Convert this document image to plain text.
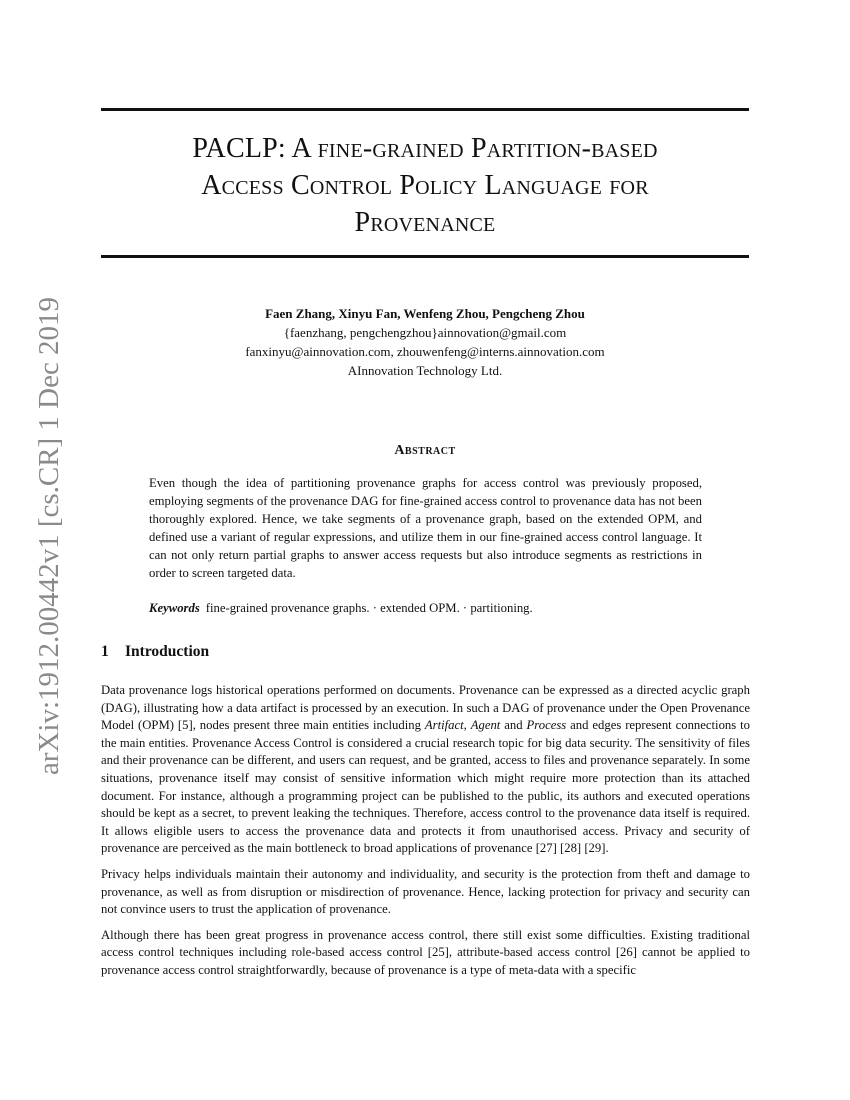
arXiv:1912.00442v1 [cs.CR] 1 Dec 2019
PACLP: A fine-grained Partition-based
Access Control Policy Language for
Provenance
Faen Zhang, Xinyu Fan, Wenfeng Zhou, Pengcheng Zhou
{faenzhang, pengchengzhou}ainnovation@gmail.com
fanxinyu@ainnovation.com, zhouwenfeng@interns.ainnovation.com
AInnovation Technology Ltd.
Abstract
Even though the idea of partitioning provenance graphs for access control was previously proposed, employing segments of the provenance DAG for fine-grained access control to provenance data has not been thoroughly explored. Hence, we take segments of a provenance graph, based on the extended OPM, and defined use a variant of regular expressions, and utilize them in our fine-grained access control language. It can not only return partial graphs to answer access requests but also introduce segments as restrictions in order to screen targeted data.
Keywords fine-grained provenance graphs. · extended OPM. · partitioning.
1 Introduction

Data provenance logs historical operations performed on documents. Provenance can be expressed as a directed acyclic graph (DAG), illustrating how a data artifact is processed by an execution. In such a DAG of provenance under the Open Provenance Model (OPM) [5], nodes present three main entities including Artifact, Agent and Process and edges represent connections to the main entities. Provenance Access Control is considered a crucial research topic for big data security. The sensitivity of files and their provenance can be different, and users can request, and be granted, access to files and provenance separately. In some situations, provenance itself may consist of sensitive information which might require more protection than its attached document. For instance, although a programming project can be published to the public, its authors and executed operations should be kept as a secret, to prevent leaking the techniques. Therefore, access control to the provenance data itself is required. It allows eligible users to access the provenance data and protects it from unauthorised access. Privacy and security of provenance are perceived as the main bottleneck to broad applications of provenance [27] [28] [29].

Privacy helps individuals maintain their autonomy and individuality, and security is the protection from theft and damage to provenance, as well as from disruption or misdirection of provenance. Hence, lacking protection for privacy and security can not convince users to trust the application of provenance.

Although there has been great progress in provenance access control, there still exist some difficulties. Existing traditional access control techniques including role-based access control [25], attribute-based access control [26] cannot be applied to provenance access control straightforwardly, because of provenance is a type of meta-data with a specific
